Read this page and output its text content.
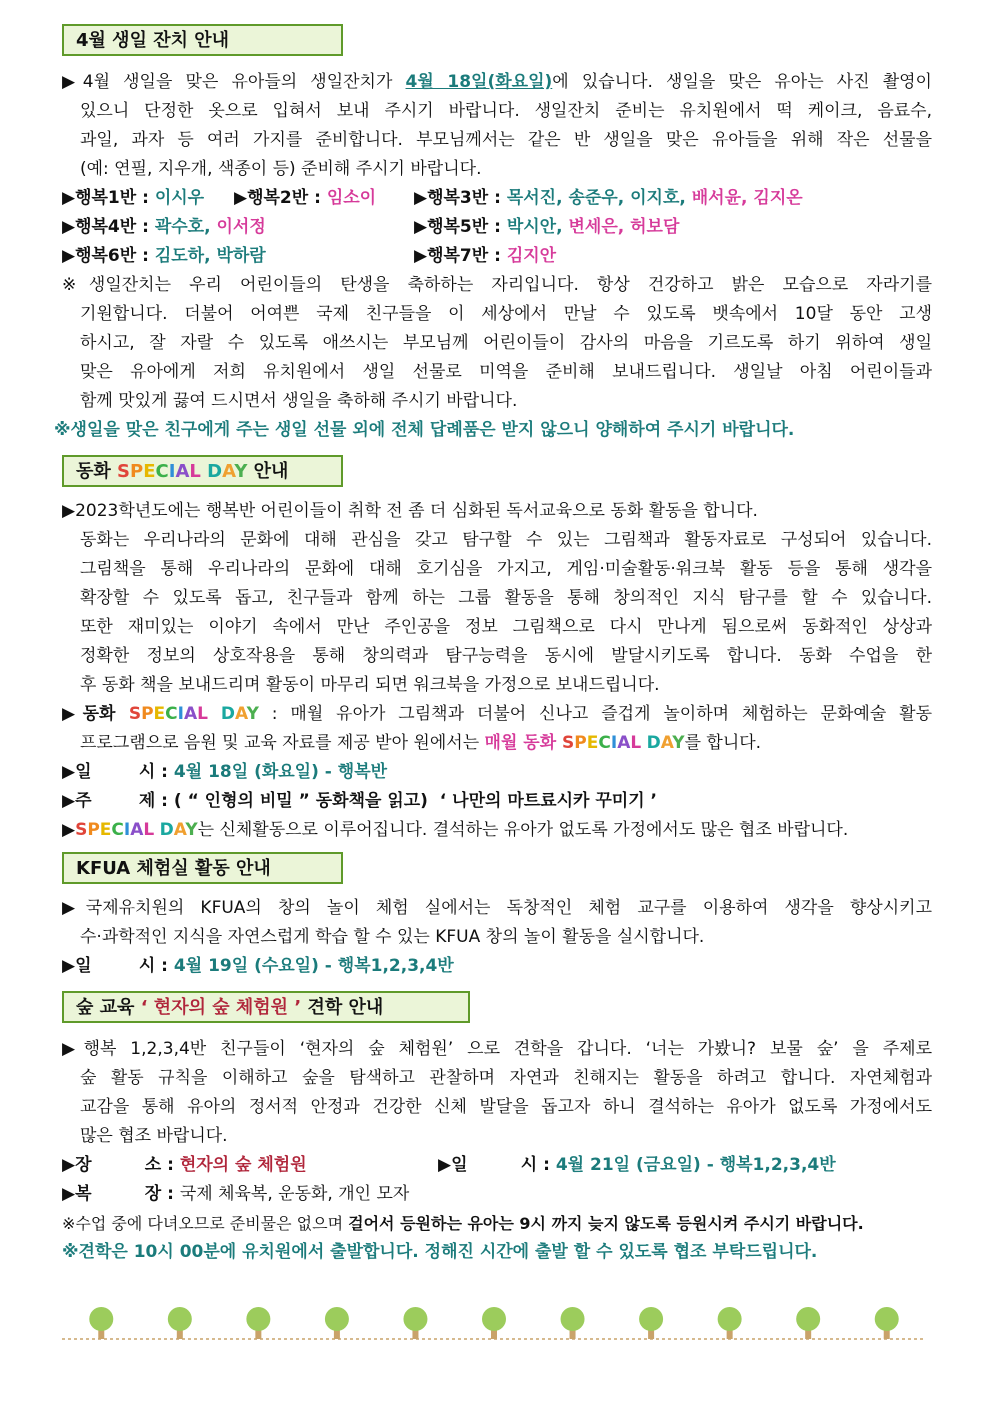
4월 생일 잔치 안내
▶4월 생일을 맞은 유아들의 생일잔치가 4월 18일(화요일)에 있습니다. 생일을 맞은 유아는 사진 촬영이
있으니 단정한 옷으로 입혀서 보내 주시기 바랍니다. 생일잔치 준비는 유치원에서 떡 케이크, 음료수,
과일, 과자 등 여러 가지를 준비합니다. 부모님께서는 같은 반 생일을 맞은 유아들을 위해 작은 선물을
(예: 연필, 지우개, 색종이 등) 준비해 주시기 바랍니다.
▶행복1반 : 이시우	▶행복2반 : 임소이	▶행복3반 : 목서진, 송준우, 이지호, 배서윤, 김지온
▶행복4반 : 곽수호, 이서정	▶행복5반 : 박시안, 변세은, 허보담
▶행복6반 : 김도하, 박하람	▶행복7반 : 김지안
※생일잔치는 우리 어린이들의 탄생을 축하하는 자리입니다. 항상 건강하고 밝은 모습으로 자라기를
기원합니다. 더불어 어여쁜 국제 친구들을 이 세상에서 만날 수 있도록 뱃속에서 10달 동안 고생
하시고, 잘 자랄 수 있도록 애쓰시는 부모님께 어린이들이 감사의 마음을 기르도록 하기 위하여 생일
맞은 유아에게 저희 유치원에서 생일 선물로 미역을 준비해 보내드립니다. 생일날 아침 어린이들과
함께 맛있게 끓여 드시면서 생일을 축하해 주시기 바랍니다.
※생일을 맞은 친구에게 주는 생일 선물 외에 전체 답례품은 받지 않으니 양해하여 주시기 바랍니다.
동화 SPECIAL DAY 안내
▶2023학년도에는 행복반 어린이들이 취학 전 좀 더 심화된 독서교육으로 동화 활동을 합니다.
동화는 우리나라의 문화에 대해 관심을 갖고 탐구할 수 있는 그림책과 활동자료로 구성되어 있습니다.
그림책을 통해 우리나라의 문화에 대해 호기심을 가지고, 게임·미술활동·워크북 활동 등을 통해 생각을
확장할 수 있도록 돕고, 친구들과 함께 하는 그룹 활동을 통해 창의적인 지식 탐구를 할 수 있습니다.
또한 재미있는 이야기 속에서 만난 주인공을 정보 그림책으로 다시 만나게 됨으로써 동화적인 상상과
정확한 정보의 상호작용을 통해 창의력과 탐구능력을 동시에 발달시키도록 합니다. 동화 수업을 한
후 동화 책을 보내드리며 활동이 마무리 되면 워크북을 가정으로 보내드립니다.
▶동화 SPECIAL DAY : 매월 유아가 그림책과 더불어 신나고 즐겁게 놀이하며 체험하는 문화예술 활동
프로그램으로 음원 및 교육 자료를 제공 받아 원에서는 매월 동화 SPECIAL DAY를 합니다.
▶일        시 : 4월 18일 (화요일) - 행복반
▶주        제 : ( “ 인형의 비밀 ” 동화책을 읽고)  ‘ 나만의 마트료시카 꾸미기 ’
▶SPECIAL DAY는 신체활동으로 이루어집니다. 결석하는 유아가 없도록 가정에서도 많은 협조 바랍니다.
KFUA 체험실 활동 안내
▶국제유치원의 KFUA의 창의 놀이 체험 실에서는 독창적인 체험 교구를 이용하여 생각을 향상시키고
수·과학적인 지식을 자연스럽게 학습 할 수 있는 KFUA 창의 놀이 활동을 실시합니다.
▶일        시 : 4월 19일 (수요일) - 행복1,2,3,4반
숲 교육 ‘ 현자의 숲 체험원 ’ 견학 안내
▶행복 1,2,3,4반 친구들이 ‘현자의 숲 체험원’ 으로 견학을 갑니다. ‘너는 가봤니? 보물 숲’ 을 주제로
숲 활동 규칙을 이해하고 숲을 탐색하고 관찰하며 자연과 친해지는 활동을 하려고 합니다. 자연체험과
교감을 통해 유아의 정서적 안정과 건강한 신체 발달을 돕고자 하니 결석하는 유아가 없도록 가정에서도
많은 협조 바랍니다.
▶장         소 : 현자의 숲 체험원	▶일         시 : 4월 21일 (금요일) - 행복1,2,3,4반
▶복         장 : 국제 체육복, 운동화, 개인 모자
※수업 중에 다녀오므로 준비물은 없으며 걸어서 등원하는 유아는 9시 까지 늦지 않도록 등원시켜 주시기 바랍니다.
※견학은 10시 00분에 유치원에서 출발합니다. 정해진 시간에 출발 할 수 있도록 협조 부탁드립니다.
